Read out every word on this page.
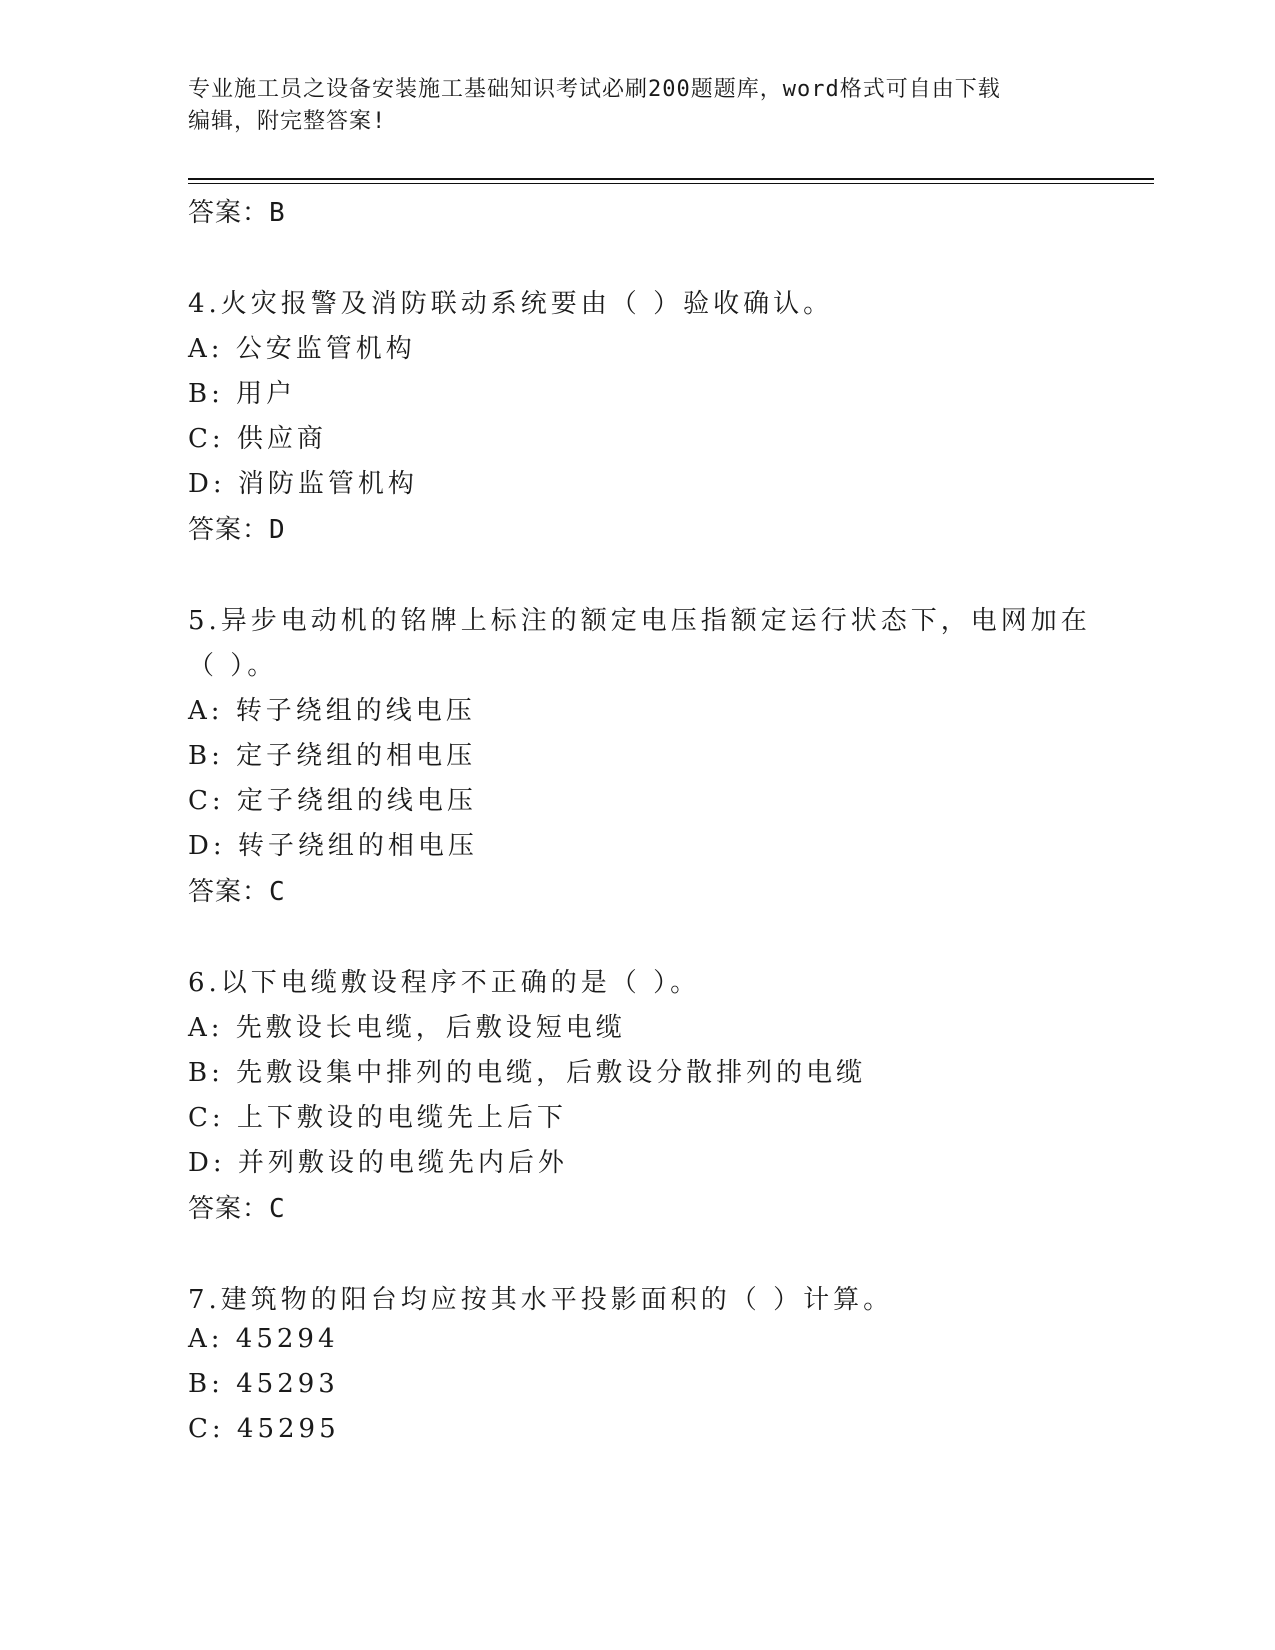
专业施工员之设备安装施工基础知识考试必刷200题题库，word格式可自由下载
编辑，附完整答案!
答案：B
4.火灾报警及消防联动系统要由（ ）验收确认。
A: 公安监管机构
B: 用户
C: 供应商
D: 消防监管机构
答案：D
5.异步电动机的铭牌上标注的额定电压指额定运行状态下，电网加在
（ ）。
A: 转子绕组的线电压
B: 定子绕组的相电压
C: 定子绕组的线电压
D: 转子绕组的相电压
答案：C
6.以下电缆敷设程序不正确的是（ ）。
A: 先敷设长电缆，后敷设短电缆
B: 先敷设集中排列的电缆，后敷设分散排列的电缆
C: 上下敷设的电缆先上后下
D: 并列敷设的电缆先内后外
答案：C
7.建筑物的阳台均应按其水平投影面积的（ ）计算。
A: 45294
B: 45293
C: 45295
